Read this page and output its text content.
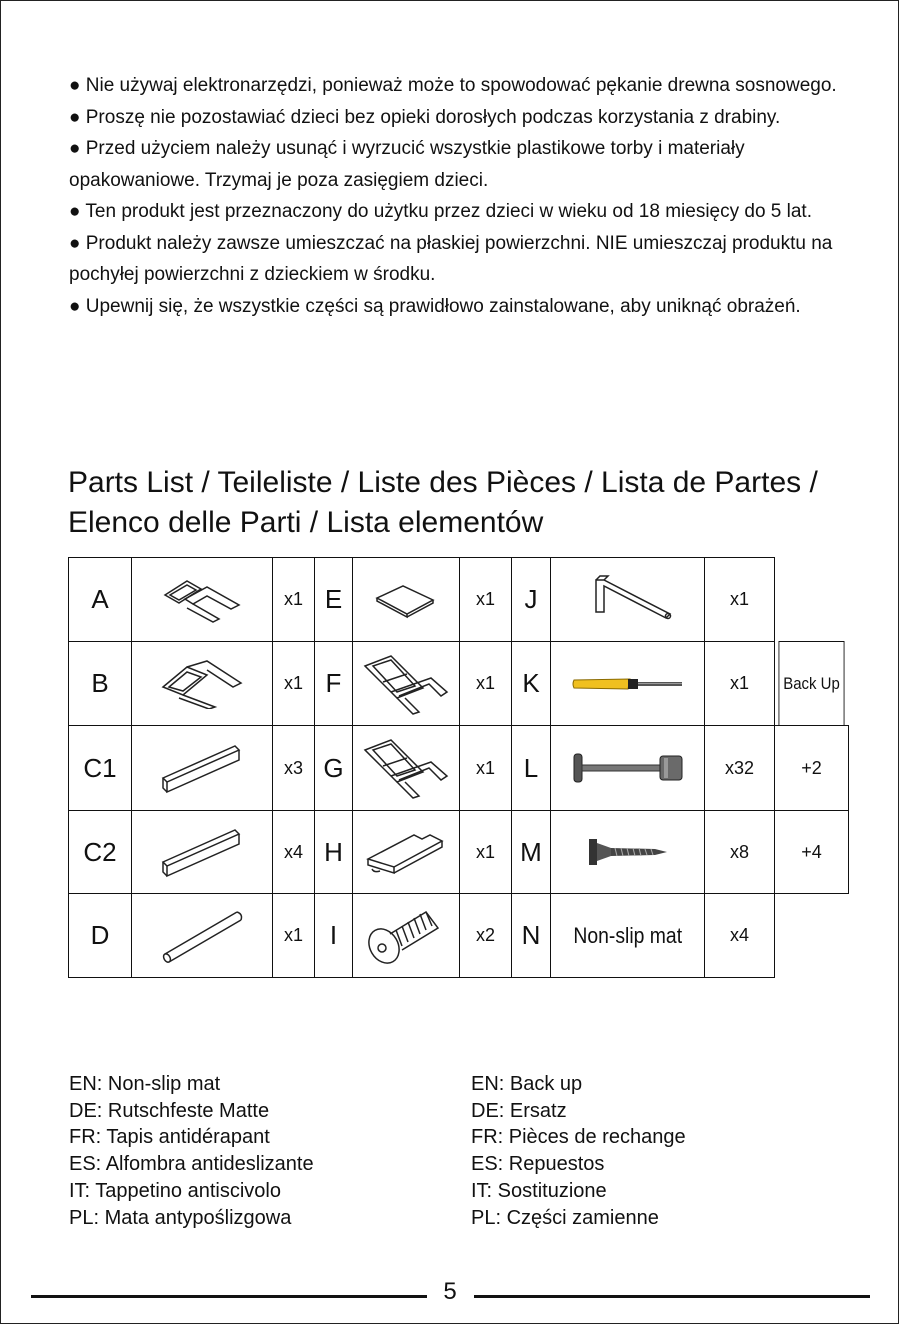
● Nie używaj elektronarzędzi, ponieważ może to spowodować pękanie drewna sosnowego.

● Proszę nie pozostawiać dzieci bez opieki dorosłych podczas korzystania z drabiny.

● Przed użyciem należy usunąć i wyrzucić wszystkie plastikowe torby i materiały opakowaniowe. Trzymaj je poza zasięgiem dzieci.

● Ten produkt jest przeznaczony do użytku przez dzieci w wieku od 18 miesięcy do 5 lat.

● Produkt należy zawsze umieszczać na płaskiej powierzchni. NIE umieszczaj produktu na pochyłej powierzchni z dzieckiem w środku.

● Upewnij się, że wszystkie części są prawidłowo zainstalowane, aby uniknąć obrażeń.

Parts List / Teileliste / Liste des Pièces / Lista de Partes /
Elenco delle Parti / Lista elementów
A	x1 E	x1	J	x1
B	x1 F	x1	K	x1	Back Up
C1	x3 G	x1	L	x32	+2
C2	x4 H	x1 M	x8	+4
D	x1	I	x2	N	Non-slip mat	x4

EN: Non-slip mat

DE: Rutschfeste Matte

FR: Tapis antidérapant

ES: Alfombra antideslizante

IT: Tappetino antiscivolo

PL: Mata antypoślizgowa

EN: Back up

DE: Ersatz

FR: Pièces de rechange

ES: Repuestos

IT: Sostituzione

PL: Części zamienne

5
